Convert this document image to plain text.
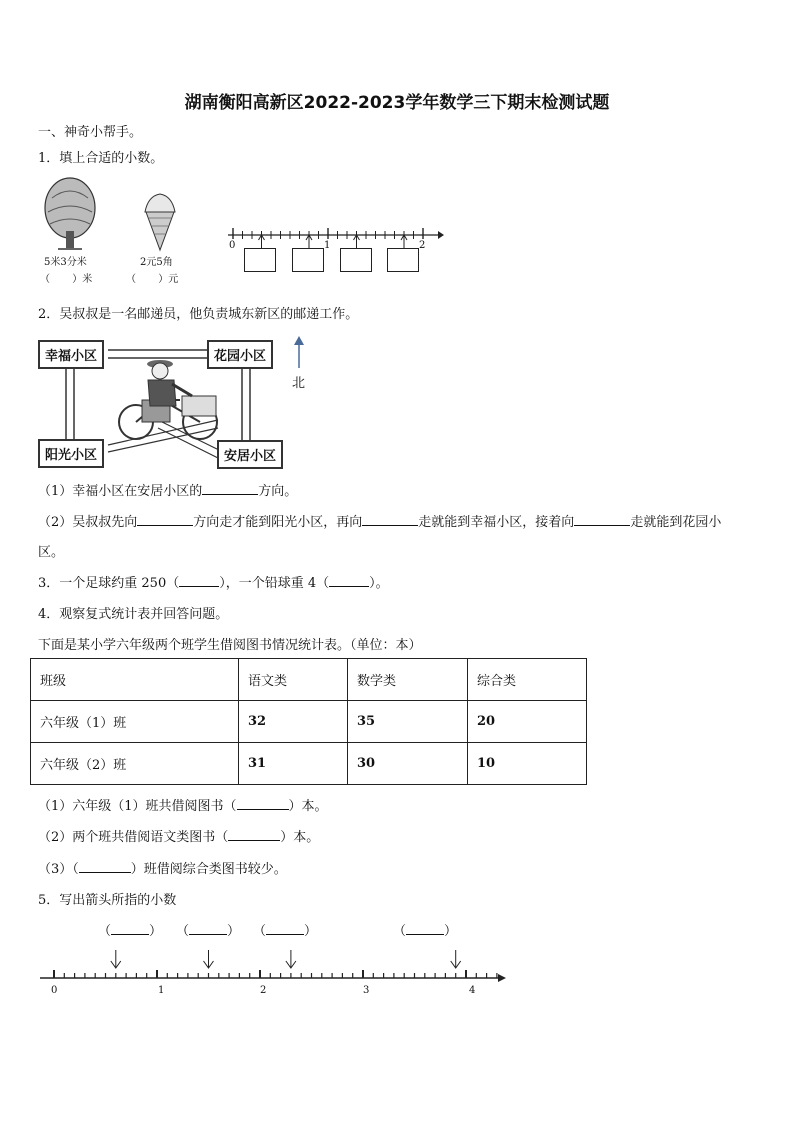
湖南衡阳高新区2022-2023学年数学三下期末检测试题
一、神奇小帮手。
1．填上合适的小数。
5米3分米
（       ）米
2元5角
（       ）元
0	1	2
2．吴叔叔是一名邮递员，他负责城东新区的邮递工作。
幸福小区	花园小区
阳光小区	安居小区
北
（1）幸福小区在安居小区的	方向。
（2）吴叔叔先向	方向走才能到阳光小区，再向	走就能到幸福小区，接着向	走就能到花园小
区。
3．一个足球约重 250（	），一个铅球重 4（	）。
4．观察复式统计表并回答问题。
下面是某小学六年级两个班学生借阅图书情况统计表。（单位：本）
班级	语文类	数学类	综合类
六年级（1）班	32	35	20
六年级（2）班	31	30	10
（1）六年级（1）班共借阅图书（	）本。
（2）两个班共借阅语文类图书（	）本。
（3）（	）班借阅综合类图书较少。
5．写出箭头所指的小数
（	） （	） （	）	（	）
0	1	2	3	4
